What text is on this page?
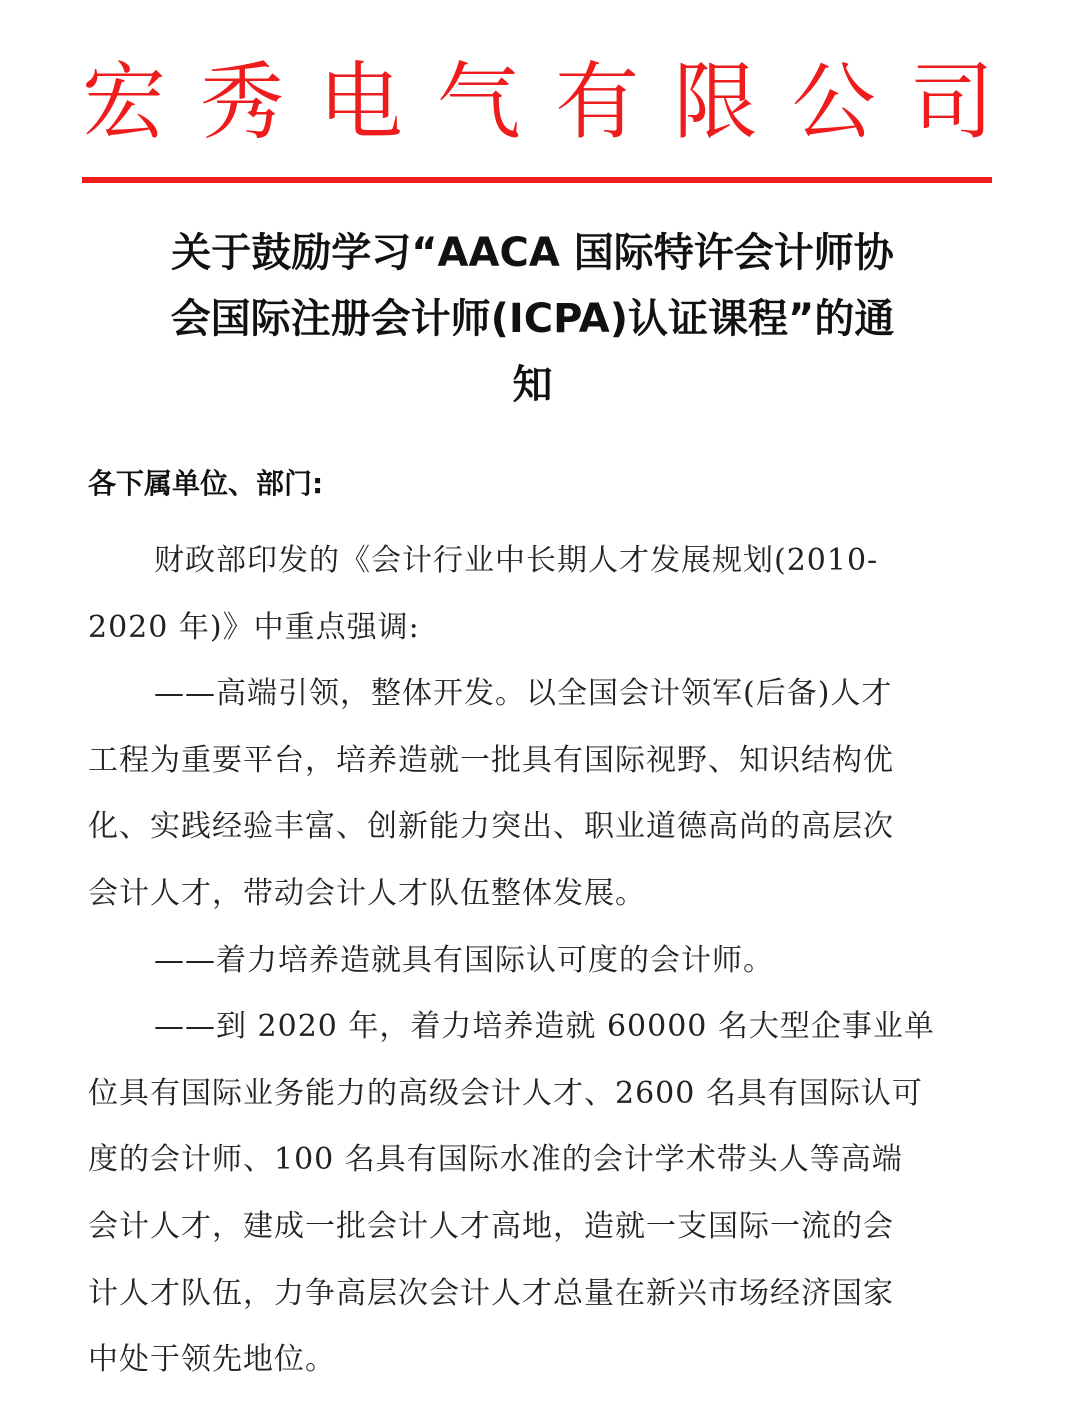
宏 秀 电 气 有 限 公 司
关于鼓励学习“AACA 国际特许会计师协
会国际注册会计师(ICPA)认证课程”的通
知
各下属单位、部门:
财政部印发的《会计行业中长期人才发展规划(2010-
2020 年)》中重点强调:
——高端引领，整体开发。以全国会计领军(后备)人才
工程为重要平台，培养造就一批具有国际视野、知识结构优
化、实践经验丰富、创新能力突出、职业道德高尚的高层次
会计人才，带动会计人才队伍整体发展。
——着力培养造就具有国际认可度的会计师。
——到 2020 年，着力培养造就 60000 名大型企事业单
位具有国际业务能力的高级会计人才、2600 名具有国际认可
度的会计师、100 名具有国际水准的会计学术带头人等高端
会计人才，建成一批会计人才高地，造就一支国际一流的会
计人才队伍，力争高层次会计人才总量在新兴市场经济国家
中处于领先地位。
